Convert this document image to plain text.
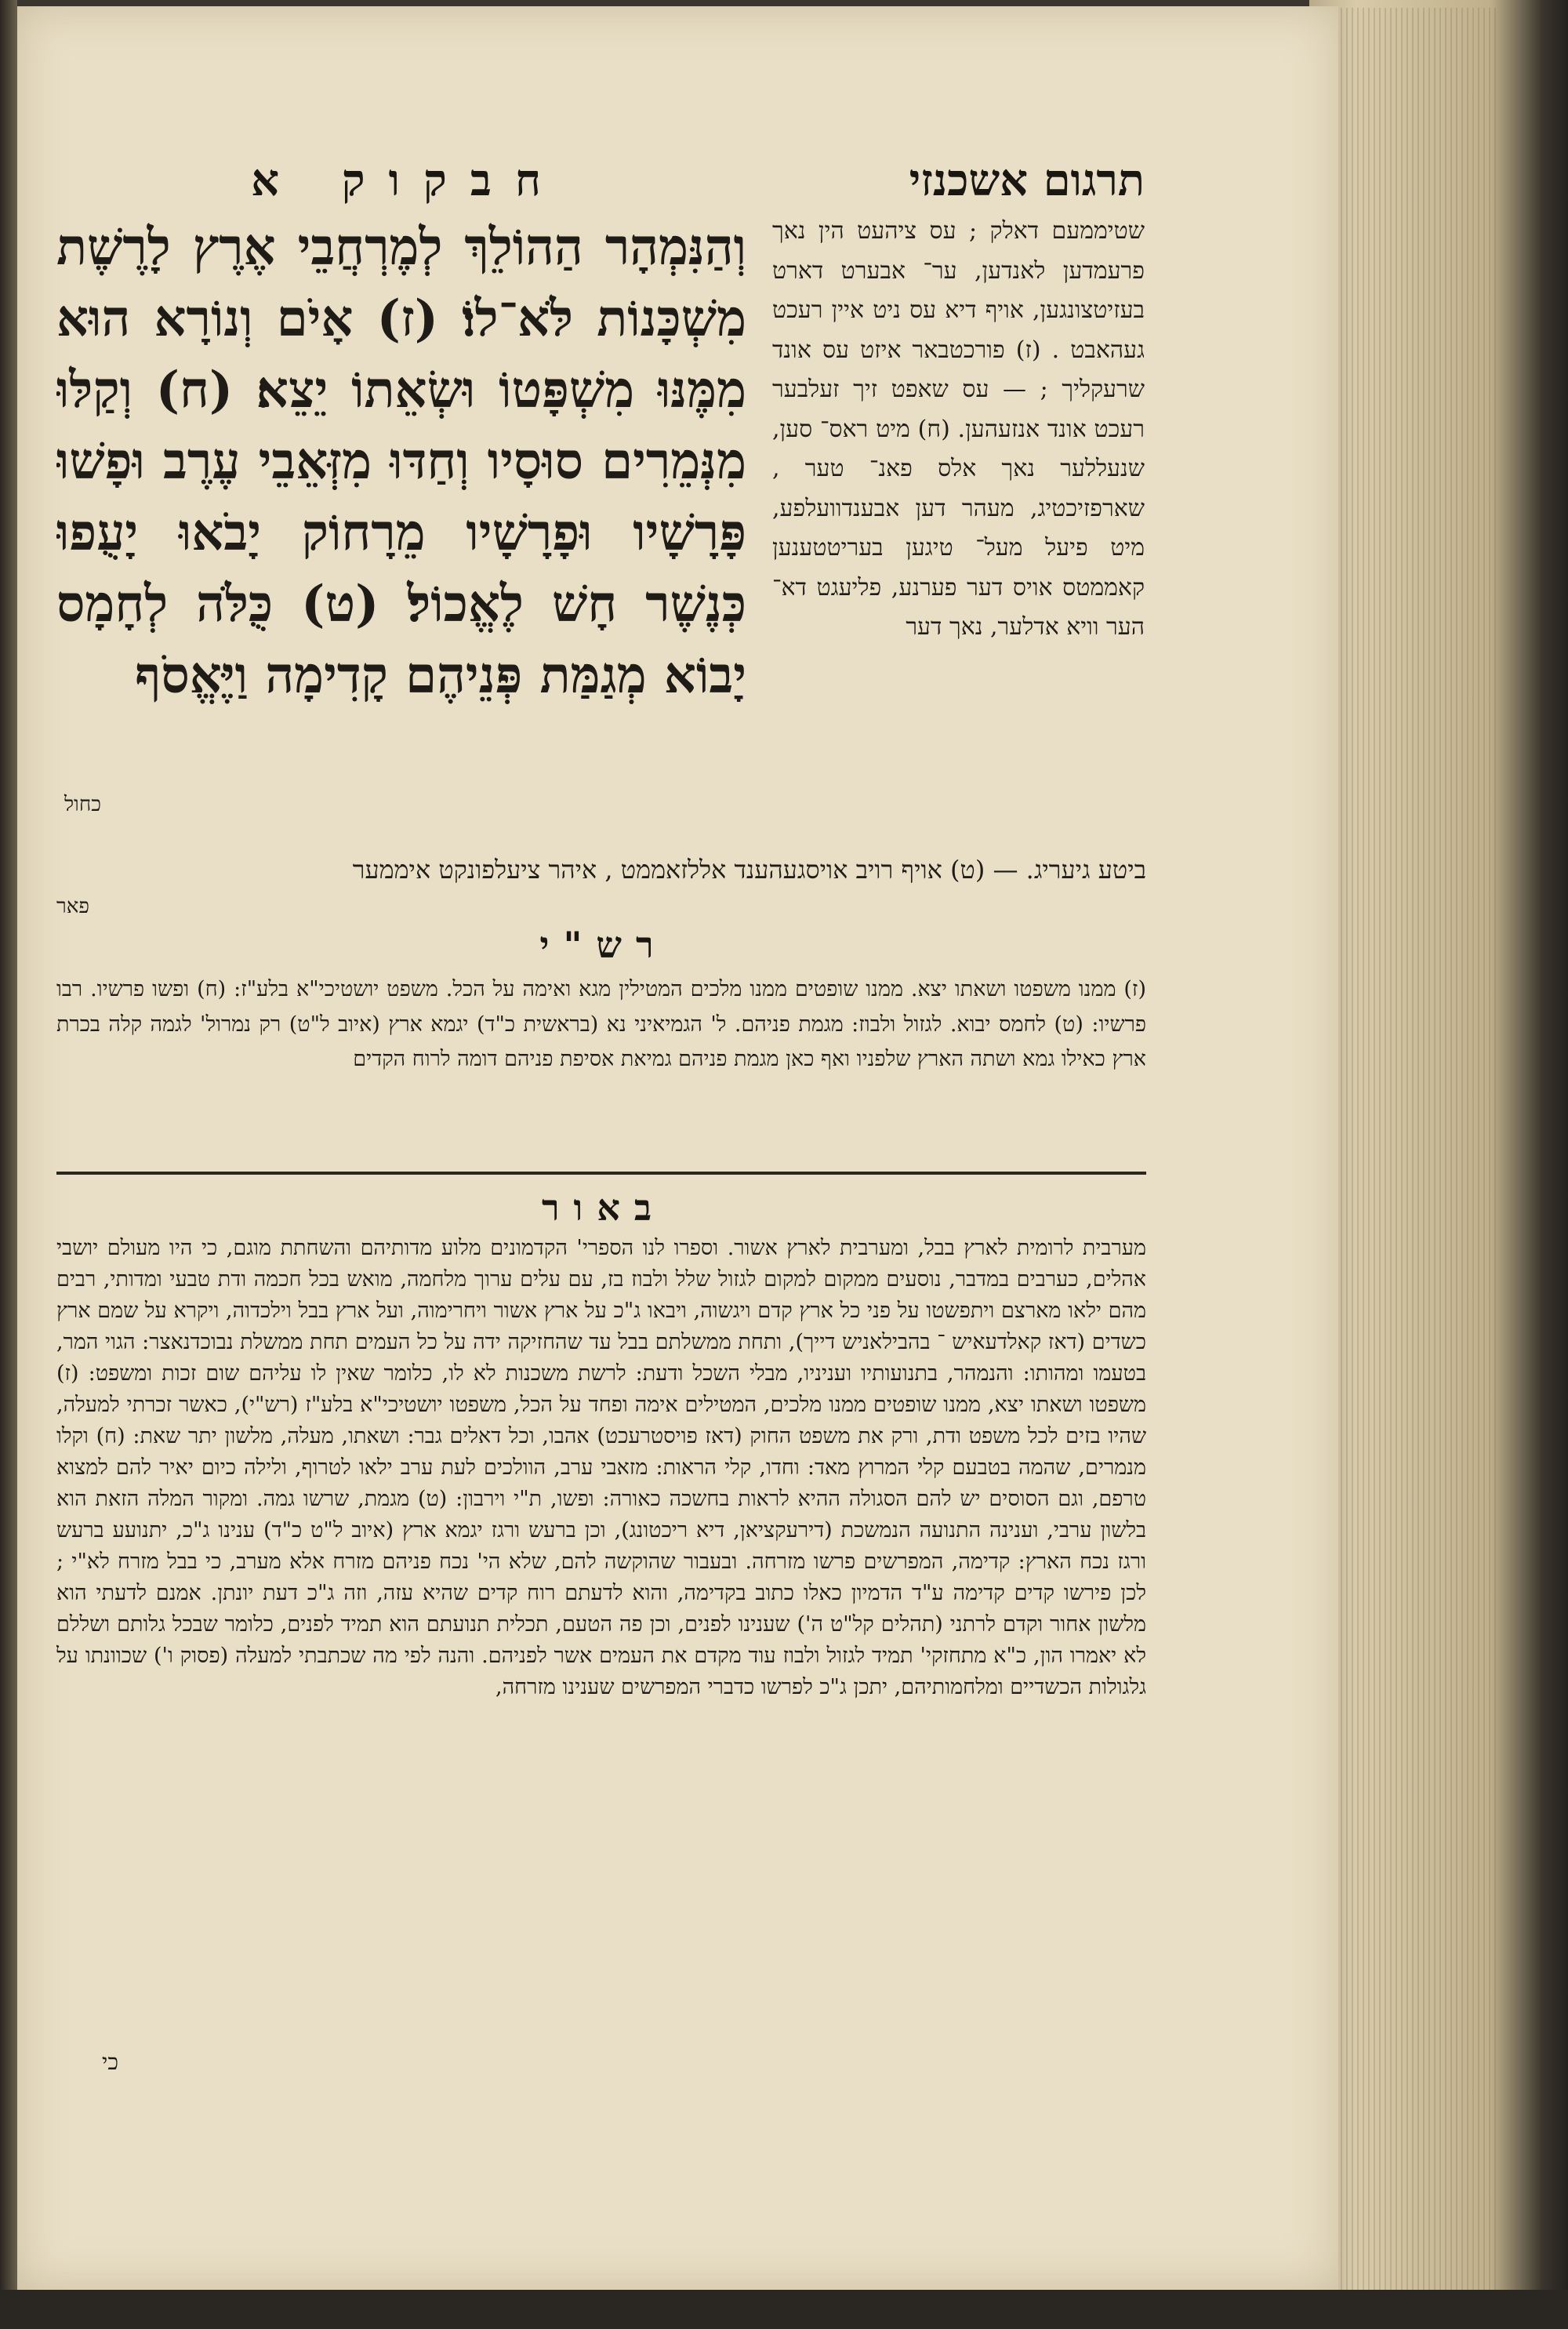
תרגום אשכנזי
חבקוק א
שטיממעם דאלק ; עס ציהעט הין נאך פרעמדען לאנדען, ער־ אבערט דארט בעזיטצונגען, אויף דיא עס ניט איין רעכט געהאבט . (ז) פורכטבאר איזט עס אונד שרעקליך ; — עס שאפט זיך זעלבער רעכט אונד אנזעהען. (ח) מיט ראס־ סען, שנעללער נאך אלס פאנ־ טער , שארפזיכטיג, מעהר דען אבענדוועלפע, מיט פיעל מעל־ טיגען בעריטטענען קאממטס אויס דער פערנע, פליעגט דא־ הער וויא אדלער, נאך דער
וְהַנִּמְהָר הַהוֹלֵךְ לְמֶרְחֲבֵי אֶרֶץ לָרֶשֶׁת מִשְׁכָּנוֹת לֹּא־לוֹ׃ (ז) אָיֹם וְנוֹרָא הוּא מִמֶּנּוּ מִשְׁפָּטוֹ וּשְׂאֵתוֹ יֵצֵא׃ (ח) וְקַלּוּ מִנְּמֵרִים סוּסָיו וְחַדּוּ מִזְּאֵבֵי עֶרֶב וּפָשׁוּ פָּרָשָׁיו וּפָרָשָׁיו מֵרָחוֹק יָבֹאוּ יָעֻפוּ כְּנֶשֶׁר חָשׁ לֶאֱכוֹל׃ (ט) כֻּלֹּה לְחָמָס יָבוֹא מְגַמַּת פְּנֵיהֶם קָדִימָה וַיֶּאֱסֹף
כחול
ביטע גיעריג. — (ט) אויף רויב אויסגעהענד אללזאממט , איהר ציעלפונקט איממער
פאר
רש"י
(ז) ממנו משפטו ושאתו יצא. ממנו שופטים ממנו מלכים המטילין מגא ואימה על הכל. משפט יושטיכי"א בלע"ז: (ח) ופשו פרשיו. רבו פרשיו: (ט) לחמס יבוא. לגזול ולבוז: מגמת פניהם. ל' הגמיאיני נא (בראשית כ"ד) יגמא ארץ (איוב ל"ט) רק נמרול' לגמה קלה בכרת ארץ כאילו גמא ושתה הארץ שלפניו ואף כאן מגמת פניהם גמיאת אסיפת פניהם דומה לרוח הקדים
באור
מערבית לרומית לארץ בבל, ומערבית לארץ אשור. וספרו לנו הספרי' הקדמונים מלוע מדותיהם והשחתת מוגם, כי היו מעולם יושבי אהלים, כערבים במדבר, נוסעים ממקום למקום לגזול שלל ולבוז בז, עם עלים ערוך מלחמה, מואש בכל חכמה ודת טבעי ומדותי, רבים מהם ילאו מארצם ויתפשטו על פני כל ארץ קדם ויגשוה, ויבאו ג"כ על ארץ אשור ויחרימוה, ועל ארץ בבל וילכדוה, ויקרא על שמם ארץ כשדים (דאז קאלדעאיש ־ בהבילאניש דייך), ותחת ממשלתם בבל עד שהחזיקה ידה על כל העמים תחת ממשלת נבוכדנאצר: הגוי המר, בטעמו ומהותו: והנמהר, בתנועותיו ועניניו, מבלי השכל ודעת: לרשת משכנות לא לו, כלומר שאין לו עליהם שום זכות ומשפט: (ז) משפטו ושאתו יצא, ממנו שופטים ממנו מלכים, המטילים אימה ופחד על הכל, משפטו יושטיכי"א בלע"ז (רש"י), כאשר זכרתי למעלה, שהיו בזים לכל משפט ודת, ורק את משפט החוק (דאז פויסטרעכט) אהבו, וכל דאלים גבר: ושאתו, מעלה, מלשון יתר שאת: (ח) וקלו מנמרים, שהמה בטבעם קלי המרוץ מאד: וחדו, קלי הראות: מזאבי ערב, הוולכים לעת ערב ילאו לטרוף, ולילה כיום יאיר להם למצוא טרפם, וגם הסוסים יש להם הסגולה ההיא לראות בחשכה כאורה: ופשו, ת"י וירבון: (ט) מגמת, שרשו גמה. ומקור המלה הזאת הוא בלשון ערבי, וענינה התנועה הנמשכת (דירעקציאן, דיא ריכטונג), וכן ברעש ורגז יגמא ארץ (איוב ל"ט כ"ד) ענינו ג"כ, יתנועע ברעש ורגז נכח הארץ: קדימה, המפרשים פרשו מזרחה. ובעבור שהוקשה להם, שלא הי' נכח פניהם מזרח אלא מערב, כי בבל מזרח לא"י ; לכן פירשו קדים קדימה ע"ד הדמיון כאלו כתוב בקדימה, והוא לדעתם רוח קדים שהיא עזה, וזה ג"כ דעת יונתן. אמנם לדעתי הוא מלשון אחור וקדם לרתני (תהלים קל"ט ה') שענינו לפנים, וכן פה הטעם, תכלית תנועתם הוא תמיד לפנים, כלומר שבכל גלותם ושללם לא יאמרו הון, כ"א מתחזקי' תמיד לגזול ולבוז עוד מקדם את העמים אשר לפניהם. והנה לפי מה שכתבתי למעלה (פסוק ו') שכוונתו על גלגולות הכשדיים ומלחמותיהם, יתכן ג"כ לפרשו כדברי המפרשים שענינו מזרחה,
כי
